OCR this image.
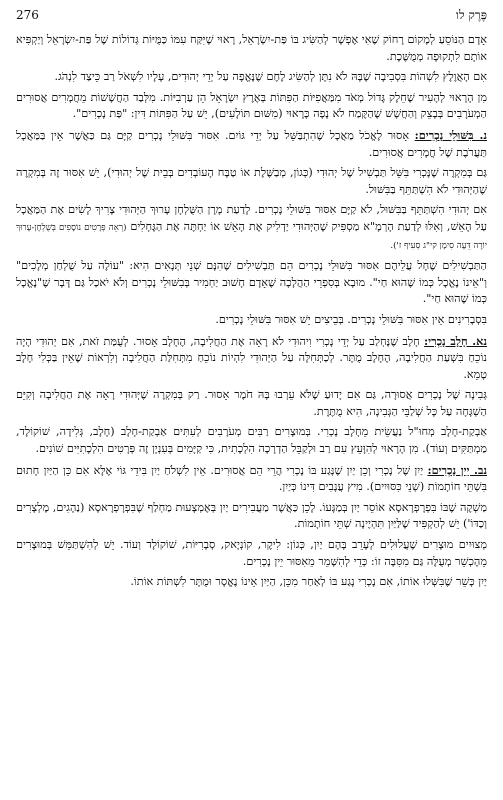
פֶּרֶק לו
276

אָדָם הַנּוֹסֵעַ לְמָקוֹם רָחוֹק שֶׁאִי אֶפְשָׁר לְהַשִּׂיג בּוֹ פַּת-יִשְׂרָאֵל, רָאוּי שֶׁיִּקַּח עִמּוֹ כַּמֻּיּוֹת גְּדוֹלוֹת שֶׁל פַּת-יִשְׂרָאֵל וְיַקְפִּיא אוֹתָם לִתְקוּפָה מְמֻשֶּׁכֶת.

אִם הָאֲוֶלֶץ לִשְׁהוֹת בִּסְבִיבָה שֶׁבָּהּ לֹא נִתָּן לְהַשִּׂיג לֶחֶם שֶׁנֶּאֱפָה עַל יְדֵי יְהוּדִים, עָלָיו לִשְׁאֹל רַב כֵּיצַד לִנְהֹג.

מִן הָרָאוּי לְהָעִיר שֶׁחֵלֶק גָּדוֹל מְאֹד מִמַּאֲפִיּוֹת הַפִּתּוֹת בְּאֶרֶץ יִשְׂרָאֵל הֵן עַרְבִיּוֹת. מִלְּבַד הַחֲשָׁשׁוֹת מֵחֲמָרִים אֲסוּרִים הַמְעֹרָבִים בְּבָצֵק וְהַחֲשָׁשׁ שֶׁהַקֶּמַח לֹא נָפָה כָּרָאוּי (מִשּׁוּם תּוֹלָעִים), יֵשׁ עַל הַפִּתּוֹת דִּין: "פַּת נָכְרִים".

נ. בִּשּׁוּלֵי נָכְרִים: אָסוּר לֶאֱכֹל מַאֲכָל שֶׁהִתְבַּשֵּׁל עַל יְדֵי גּוֹיִם. אִסּוּר בִּשּׁוּלֵי נָכְרִים קַיָּם גַּם כַּאֲשֶׁר אֵין בַּמַּאֲכָל תַּעֲרֹבֶת שֶׁל חֳמָרִים אֲסוּרִים.

גַּם בְּמִקְרֶה שֶׁנָּכְרִי בִּשֵּׁל תַּבְשִׁיל שֶׁל יְהוּדִי (כְּגוֹן, מְבַשֶּׁלֶת אוֹ טַבָּח הָעוֹבְדִים בְּבֵית שֶׁל יְהוּדִי), יֵשׁ אִסּוּר זֶה בְּמִקְרֶה שֶׁהַיְּהוּדִי לֹא הִשְׁתַּתֵּף בַּבִּשּׁוּל.

אִם יְהוּדִי הִשְׁתַּתֵּף בַּבִּשּׁוּל, לֹא קַיָּם אִסּוּר בִּשּׁוּלֵי נָכְרִים. לָדַעַת מָרָן הַשֻּׁלְחָן עָרוּךְ הַיְּהוּדִי צָרִיךְ לָשִׂים אֶת הַמַּאֲכָל עַל הָאֵשׁ, וְאִלּוּ לְדַעַת הָרְמָ"א מַסְפִּיק שֶׁהַיְּהוּדִי יַדְלִיק אֶת הָאֵשׁ אוֹ יַחְתֶּה אֶת הַגֶּחָלִים (רְאֵה פְּרָטִים נוֹסָפִים בְּשֻׁלְחָן-עָרוּךְ יוֹרֶה דֵּעָה סִימָן קי"ג סְעִיף ז').

הַתַּבְשִׁילִים שֶׁחָל עֲלֵיהֶם אִסּוּר בִּשּׁוּלֵי נָכְרִים הֵם תַּבְשִׁילִים שֶׁהִנָּם שְׁנֵי תְּנָאִים הִיא: "עוֹלֶה עַל שֻׁלְחַן מְלָכִים" וְ"אֵינוֹ נֶאֱכָל כְּמוֹ שֶׁהוּא חַי". מוּבָא בְּסִפְרֵי הַהֲלָכָה שֶׁאָדָם חָשׁוּב יַחְמִיר בְּבִשּׁוּלֵי נָכְרִים וְלֹא יֹאכַל גַּם דָּבָר שֶׁ"נֶאֱכָל כְּמוֹ שֶׁהוּא חַי".

בִּסְבָרִינִים אֵין אִסּוּר בִּשּׁוּלֵי נָכְרִים. בְּבֵיצִים יֵשׁ אִסּוּר בִּשּׁוּלֵי נָכְרִים.

נא. חָלָב נָכְרִי: חָלָב שֶׁנֶּחְלַב עַל יְדֵי נָכְרִי וִיהוּדִי לֹא רָאָה אֶת הַחֲלִיבָה, הֶחָלָב אָסוּר. לְעֻמַּת זֹאת, אִם יְהוּדִי הָיָה נוֹכֵחַ בִּשְׁעַת הַחֲלִיבָה, הֶחָלָב מֻתָּר. לְכַתְּחִלָּה עַל הַיְּהוּדִי לִהְיוֹת נוֹכֵחַ מִתְּחִלַּת הַחֲלִיבָה וְלִרְאוֹת שֶׁאֵין בַּכְּלִי חָלָב טָמֵא.

גְּבִינָה שֶׁל נָכְרִים אֲסוּרָה, גַּם אִם יָדוּעַ שֶׁלֹּא עֵרְבוּ בָּהּ חֹמֶר אָסוּר. רַק בְּמִקְרֶה שֶׁיְּהוּדִי רָאָה אֶת הַחֲלִיבָה וְקִיֵּם הַשְׁגָּחָה עַל כָּל שְׁלַבֵּי הַגְּבִינָה, הִיא מֻתֶּרֶת.

אַבְקַת-חָלָב מְחוּ"ל נַעֲשֵׂית מֵחָלָב נָכְרִי. בְּמוּצָרִים רַבִּים מְעֹרָבִים לְעִתִּים אַבְקַת-חָלָב (חָלָב, גְּלִידָה, שׁוֹקוֹלָד, מַמְתַּקִּים וְעוֹד). מִן הָרָאוּי לְהִוָּעֵץ עִם רַב וּלְקַבֵּל הַדְרָכָה הִלְכָתִית, כִּי קַיָּמִים בְּעִנְיָן זֶה פְּרָטִים הִלְכָתִיִּים שׁוֹנִים.

נב. יֵין נָכְרִים: יַיִן שֶׁל נָכְרִי וְכֵן יַיִן שֶׁנָּגַע בּוֹ נָכְרִי הֲרֵי הֵם אֲסוּרִים. אֵין לִשְׁלֹחַ יַיִן בִּידֵי גּוֹי אֶלָּא אִם כֵּן הַיַּיִן חָתוּם בִּשְׁתֵּי חוֹתָמוֹת (שְׁנֵי כִּסּוּיִים). מִיץ עֲנָבִים דִּינוֹ כְּיַיִן.

מַשְׁקֶה שֶׁבּוֹ בִּפְרָפְרָאסָא אוֹסֵר יַיִן בְּמַגָּעוֹ. לָכֵן כַּאֲשֶׁר מַעֲבִירִים יַיִן בְּאֶמְצָעוּת מַחְלַף שֶׁבִּפְרָפְרָאסָא (נַהָגִים, מֶלְצָרִים וְכַדּוֹ') יֵשׁ לְהַקְפִּיד שֶׁלַּיַּיִן תִּהְיֶינָה שְׁתֵּי חוֹתָמוֹת.

מְצוּיִים מוּצָרִים שֶׁעֲלוּלִים לְעָרֵב בָּהֶם יַיִן, כְּגוֹן: לִיקֶר, קוֹנְיָאק, סְבָרִיּוֹת, שׁוֹקוֹלָד וְעוֹד. יֵשׁ לְהִשְׁתַּמֵּשׁ בְּמוּצָרִים מֵהֶכְשֵׁר מְעֻלֶּה גַּם מִסִּבָּה זוֹ: כְּדֵי לְהִשָּׁמֵר מֵאִסּוּר יֵין נָכְרִים.

יַיִן כָּשֵׁר שֶׁבִּשְּׁלוּ אוֹתוֹ, אִם נָכְרִי נָגַע בּוֹ לְאַחַר מִכֵּן, הַיַּיִן אֵינוֹ נֶאֱסָר וּמֻתָּר לִשְׁתּוֹת אוֹתוֹ.
